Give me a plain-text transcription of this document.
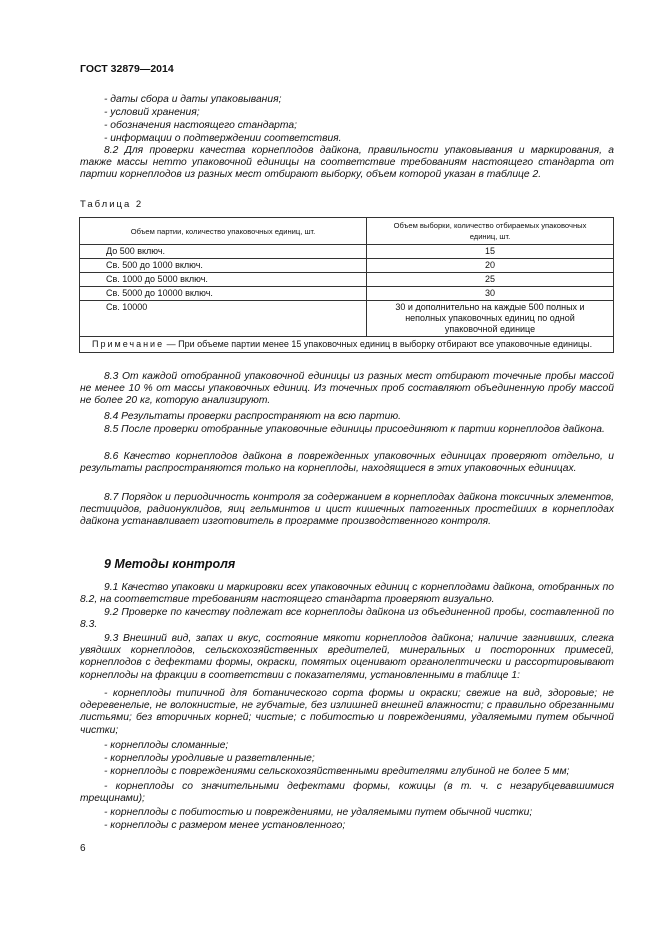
ГОСТ 32879—2014
- даты сбора и даты упаковывания;
- условий хранения;
- обозначения настоящего стандарта;
- информации о подтверждении соответствия.

8.2 Для проверки качества корнеплодов дайкона, правильности упаковывания и маркирования, а также массы нетто упаковочной единицы на соответствие требованиям настоящего стандарта от партии корнеплодов из разных мест отбирают выборку, объем которой указан в таблице 2.

Таблица 2
Объем партии, количество упаковочных единиц, шт.	Объем выборки, количество отбираемых упаковочных единиц, шт.
До 500 включ.	15
Св. 500 до 1000 включ.	20
Св. 1000 до 5000 включ.	25
Св. 5000 до 10000 включ.	30
Св. 10000	30 и дополнительно на каждые 500 полных и неполных упаковочных единиц по одной упаковочной единице
Примечание — При объеме партии менее 15 упаковочных единиц в выборку отбирают все упаковочные единицы.	

8.3 От каждой отобранной упаковочной единицы из разных мест отбирают точечные пробы массой не менее 10 % от массы упаковочных единиц. Из точечных проб составляют объединенную пробу массой не более 20 кг, которую анализируют.

8.4 Результаты проверки распространяют на всю партию.

8.5 После проверки отобранные упаковочные единицы присоединяют к партии корнеплодов дайкона.

8.6 Качество корнеплодов дайкона в поврежденных упаковочных единицах проверяют отдельно, и результаты распространяются только на корнеплоды, находящиеся в этих упаковочных единицах.

8.7 Порядок и периодичность контроля за содержанием в корнеплодах дайкона токсичных элементов, пестицидов, радионуклидов, яиц гельминтов и цист кишечных патогенных простейших в корнеплодах дайкона устанавливает изготовитель в программе производственного контроля.

9 Методы контроля

9.1 Качество упаковки и маркировки всех упаковочных единиц с корнеплодами дайкона, отобранных по 8.2, на соответствие требованиям настоящего стандарта проверяют визуально.

9.2 Проверке по качеству подлежат все корнеплоды дайкона из объединенной пробы, составленной по 8.3.

9.3 Внешний вид, запах и вкус, состояние мякоти корнеплодов дайкона; наличие загнивших, слегка увядших корнеплодов, сельскохозяйственных вредителей, минеральных и посторонних примесей, корнеплодов с дефектами формы, окраски, помятых оценивают органолептически и рассортировывают корнеплоды на фракции в соответствии с показателями, установленными в таблице 1:

- корнеплоды типичной для ботанического сорта формы и окраски; свежие на вид, здоровые; не одеревенелые, не волокнистые, не губчатые, без излишней внешней влажности; с правильно обрезанными листьями; без вторичных корней; чистые; с побитостью и повреждениями, удаляемыми путем обычной чистки;

- корнеплоды сломанные;
- корнеплоды уродливые и разветвленные;
- корнеплоды с повреждениями сельскохозяйственными вредителями глубиной не более 5 мм;

- корнеплоды со значительными дефектами формы, кожицы (в т. ч. с незарубцевавшимися трещинами);

- корнеплоды с побитостью и повреждениями, не удаляемыми путем обычной чистки;
- корнеплоды с размером менее установленного;
6
